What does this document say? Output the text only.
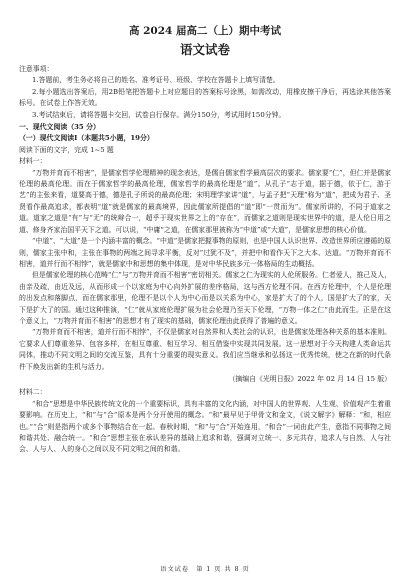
高 2024 届高二（上）期中考试
语文试卷

注意事项：

1.答题前，考生务必将自己的姓名、准考证号、班级、学校在答题卡上填写清楚。

2.每小题选出答案后，用2B铅笔把答题卡上对应题目的答案标号涂黑，如需改动，用橡皮擦干净后，再选涂其他答案标号。在试卷上作答无效。

3.考试结束后，请将答题卡交回，试卷自行保存。满分150分，考试用时150分钟。

一、现代文阅读（35 分）

（一）现代文阅读Ⅰ（本题共5小题，19分）

阅读下面的文字，完成 1~5 题

材料一：

“万物并育而不相害”，是儒家哲学伦理精神的现念表达，是儒自儒家哲学最高层次的要求。儒家要“仁”，但仁并是儒家伦理的最高伦理。而在于儒家哲学的最高伦理，儒家哲学的最高伦理是“道”。从孔子“志于道，据于德，依于仁，游于艺”的主张来看，道要高于德，德是孔子所说的最高伦理；宋明理学家讲“道”，与孟子把“天理”称为“道”，把成为君子、圣贤看作最高追求，都表明“道”就是儒家的最高境界，因此儒家所提倡的“道”即“一贯而为”。儒家所讲的，不同于道家之道。道家之道是“有”与“无”的统辩合一，超乎于现实世界之上的“存在”，而儒家之道则是现实世界中的道，是人伦日用之道、修身齐家治国平天下之道。可以说，“中庸”之道，在儒家那里被称为“中道”或“大道”，是儒家思想的核心价值。

“中道”、“大道”是一个内涵丰富的概念。“中道”是儒家把握事物的原则，也是中国人认识世界、改造世界所应遵循的原则，儒家主张中和，主张在事物的两端之间寻求平衡，反对“过犹不及”，并把中和看作天下之大本、达道。“万物并育而不相害，道并行而不相悖”，就是儒家中和思想的集中体现，是对中华民族多元一体格局的生动概括。

但是儒家伦理的核心范畴“仁”与“万物并育而不相害”密切相关。儒家之仁为现实的人伦所服务。仁者爱人，推己及人，由亲及疏，由近及远，从而形成一个以家庭为中心向外扩展的差序格局，这与西方伦理不同。在西方伦理中，个人是伦理的出发点和落脚点，而在儒家那里，伦理不是以个人为中心而是以关系为中心，家是扩大了的个人，国是扩大了的家，天下是扩大了的国。通过这种推演，“仁”就从家庭伦理扩展为社会伦理乃至天下伦理，“万物一体之仁”由此而生。正是在这个意义上，“万物并育而不相害”的思想才有了现实的基础，儒家伦理由此获得了普遍的意义。

“万物并育而不相害，道并行而不相悖”，不仅是儒家对自然界和人类社会的认识，也是儒家处理各种关系的基本准则。它要求人们尊重差异、包容多样，在相互尊重、相互学习、相互借鉴中实现共同发展。这一思想对于今天构建人类命运共同体，推动不同文明之间的交流互鉴，具有十分重要的现实意义。我们应当继承和弘扬这一优秀传统，使之在新的时代条件下焕发出新的生机与活力。

（摘编自《光明日报》2022 年 02 月 14 日 15 版）

材料二：

“和合”思想是中华民族传统文化的一个重要标识，具有丰富的文化内涵，对中国人的世界观、人生观、价值观产生着重要影响。在历史上，“和”与“合”原本是两个分开使用的概念。“和”最早见于甲骨文和金文，《说文解字》解释：“和，相应也。”“合”则是指两个或多个事物结合在一起。春秋时期，“和”与“合”开始连用，“和合”一词由此产生，意指不同事物之间和谐共处、融合统一。“和合”思想主张在承认差异的基础上追求和谐，强调对立统一、多元共存，追求人与自然、人与社会、人与人、人的身心之间以及不同文明之间的和谐。

语文试卷　第 1 页 共 8 页
